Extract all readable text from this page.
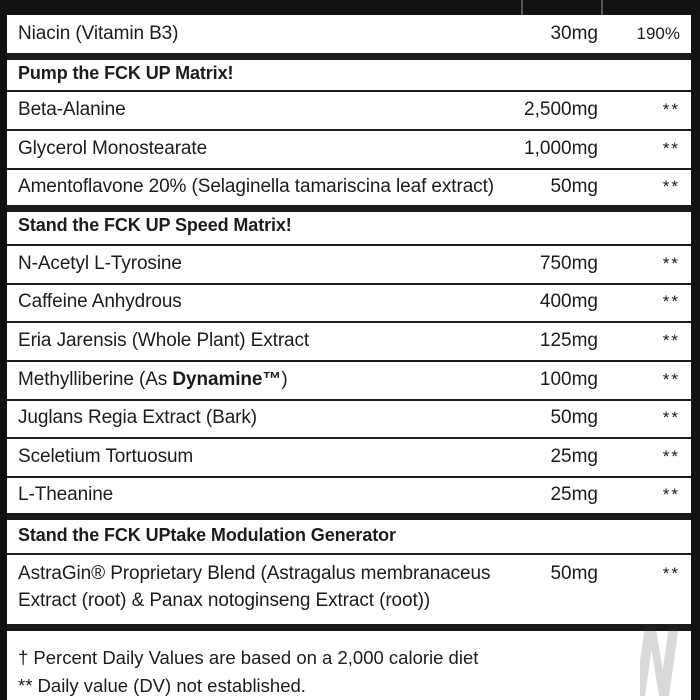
Niacin (Vitamin B3)	30mg 190%
Pump the FCK UP Matrix!
Beta-Alanine	2,500mg	**
Glycerol Monostearate	1,000mg	**
Amentoflavone 20% (Selaginella tamariscina leaf extract)	50mg	**
Stand the FCK UP Speed Matrix!
N-Acetyl L-Tyrosine	750mg	**
Caffeine Anhydrous	400mg	**
Eria Jarensis (Whole Plant) Extract	125mg	**
Methylliberine (As Dynamine™)	100mg	**
Juglans Regia Extract (Bark)	50mg	**
Sceletium Tortuosum	25mg	**
L-Theanine	25mg	**
Stand the FCK UPtake Modulation Generator
AstraGin® Proprietary Blend (Astragalus membranaceus
Extract (root) & Panax notoginseng Extract (root))
50mg	**
† Percent Daily Values are based on a 2,000 calorie diet
** Daily value (DV) not established.
